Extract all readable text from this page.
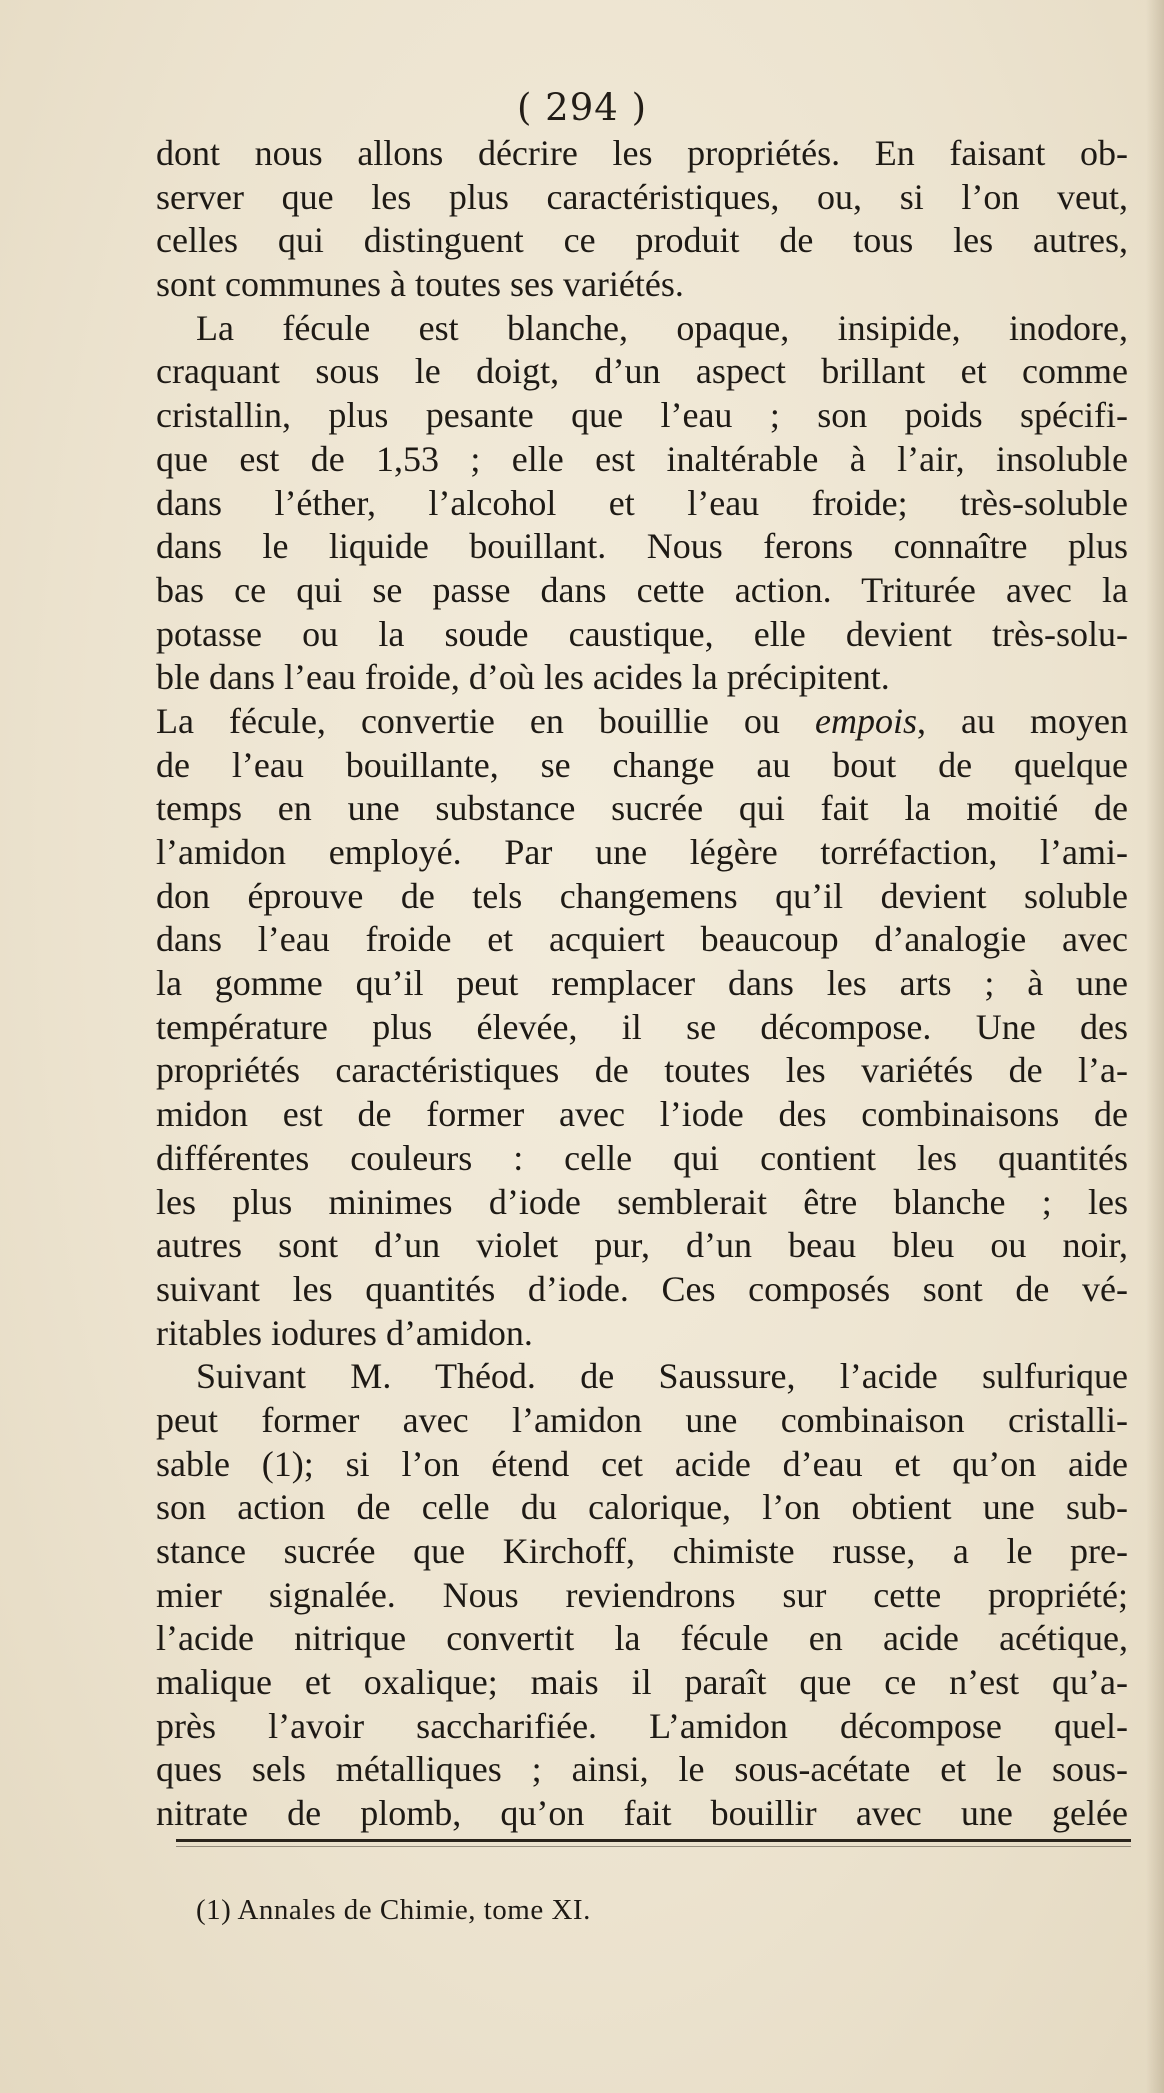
( 294 )
dont nous allons décrire les propriétés. En faisant ob-
server que les plus caractéristiques, ou, si l’on veut,
celles qui distinguent ce produit de tous les autres,
sont communes à toutes ses variétés.
La fécule est blanche, opaque, insipide, inodore,
craquant sous le doigt, d’un aspect brillant et comme
cristallin, plus pesante que l’eau ; son poids spécifi-
que est de 1,53 ; elle est inaltérable à l’air, insoluble
dans l’éther, l’alcohol et l’eau froide; très-soluble
dans le liquide bouillant. Nous ferons connaître plus
bas ce qui se passe dans cette action. Triturée avec la
potasse ou la soude caustique, elle devient très-solu-
ble dans l’eau froide, d’où les acides la précipitent.
La fécule, convertie en bouillie ou empois, au moyen
de l’eau bouillante, se change au bout de quelque
temps en une substance sucrée qui fait la moitié de
l’amidon employé. Par une légère torréfaction, l’ami-
don éprouve de tels changemens qu’il devient soluble
dans l’eau froide et acquiert beaucoup d’analogie avec
la gomme qu’il peut remplacer dans les arts ; à une
température plus élevée, il se décompose. Une des
propriétés caractéristiques de toutes les variétés de l’a-
midon est de former avec l’iode des combinaisons de
différentes couleurs : celle qui contient les quantités
les plus minimes d’iode semblerait être blanche ; les
autres sont d’un violet pur, d’un beau bleu ou noir,
suivant les quantités d’iode. Ces composés sont de vé-
ritables iodures d’amidon.
Suivant M. Théod. de Saussure, l’acide sulfurique
peut former avec l’amidon une combinaison cristalli-
sable (1); si l’on étend cet acide d’eau et qu’on aide
son action de celle du calorique, l’on obtient une sub-
stance sucrée que Kirchoff, chimiste russe, a le pre-
mier signalée. Nous reviendrons sur cette propriété;
l’acide nitrique convertit la fécule en acide acétique,
malique et oxalique; mais il paraît que ce n’est qu’a-
près l’avoir saccharifiée. L’amidon décompose quel-
ques sels métalliques ; ainsi, le sous-acétate et le sous-
nitrate de plomb, qu’on fait bouillir avec une gelée
(1) Annales de Chimie, tome XI.
